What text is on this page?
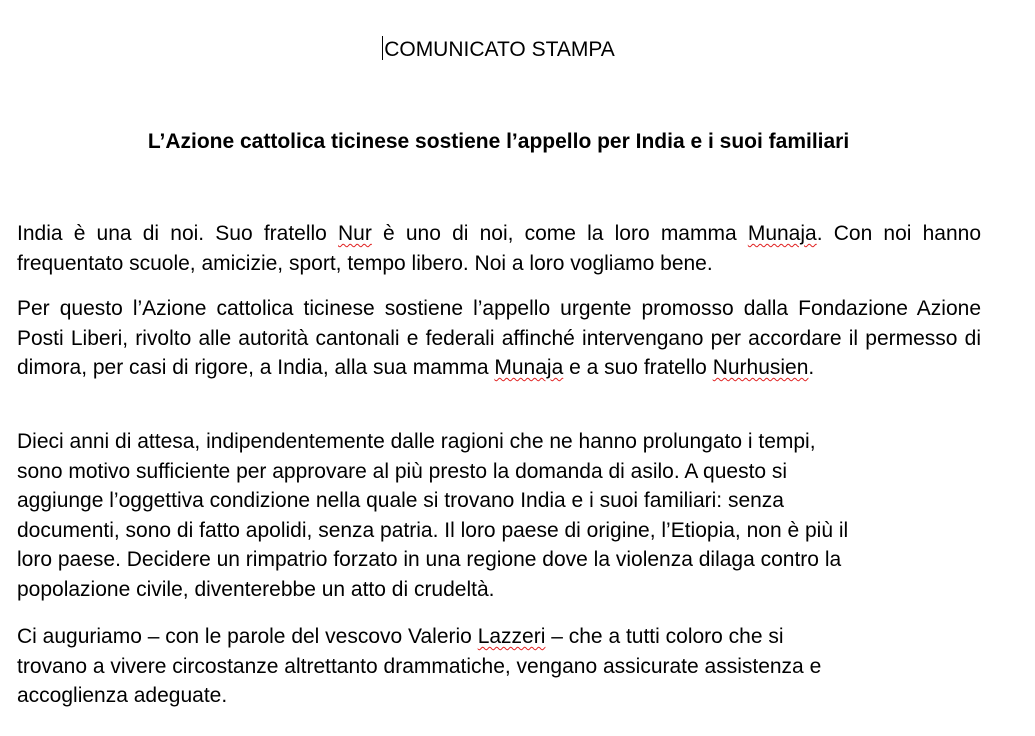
COMUNICATO STAMPA
L’Azione cattolica ticinese sostiene l’appello per India e i suoi familiari

India è una di noi. Suo fratello Nur è uno di noi, come la loro mamma Munaja. Con noi hanno frequentato scuole, amicizie, sport, tempo libero. Noi a loro vogliamo bene.

Per questo l’Azione cattolica ticinese sostiene l’appello urgente promosso dalla Fondazione Azione Posti Liberi, rivolto alle autorità cantonali e federali affinché intervengano per accordare il permesso di dimora, per casi di rigore, a India, alla sua mamma Munaja e a suo fratello Nurhusien.

Dieci anni di attesa, indipendentemente dalle ragioni che ne hanno prolungato i tempi,
sono motivo sufficiente per approvare al più presto la domanda di asilo. A questo si
aggiunge l’oggettiva condizione nella quale si trovano India e i suoi familiari: senza
documenti, sono di fatto apolidi, senza patria. Il loro paese di origine, l’Etiopia, non è più il
loro paese. Decidere un rimpatrio forzato in una regione dove la violenza dilaga contro la
popolazione civile, diventerebbe un atto di crudeltà.
Ci auguriamo – con le parole del vescovo Valerio Lazzeri – che a tutti coloro che si
trovano a vivere circostanze altrettanto drammatiche, vengano assicurate assistenza e
accoglienza adeguate.
